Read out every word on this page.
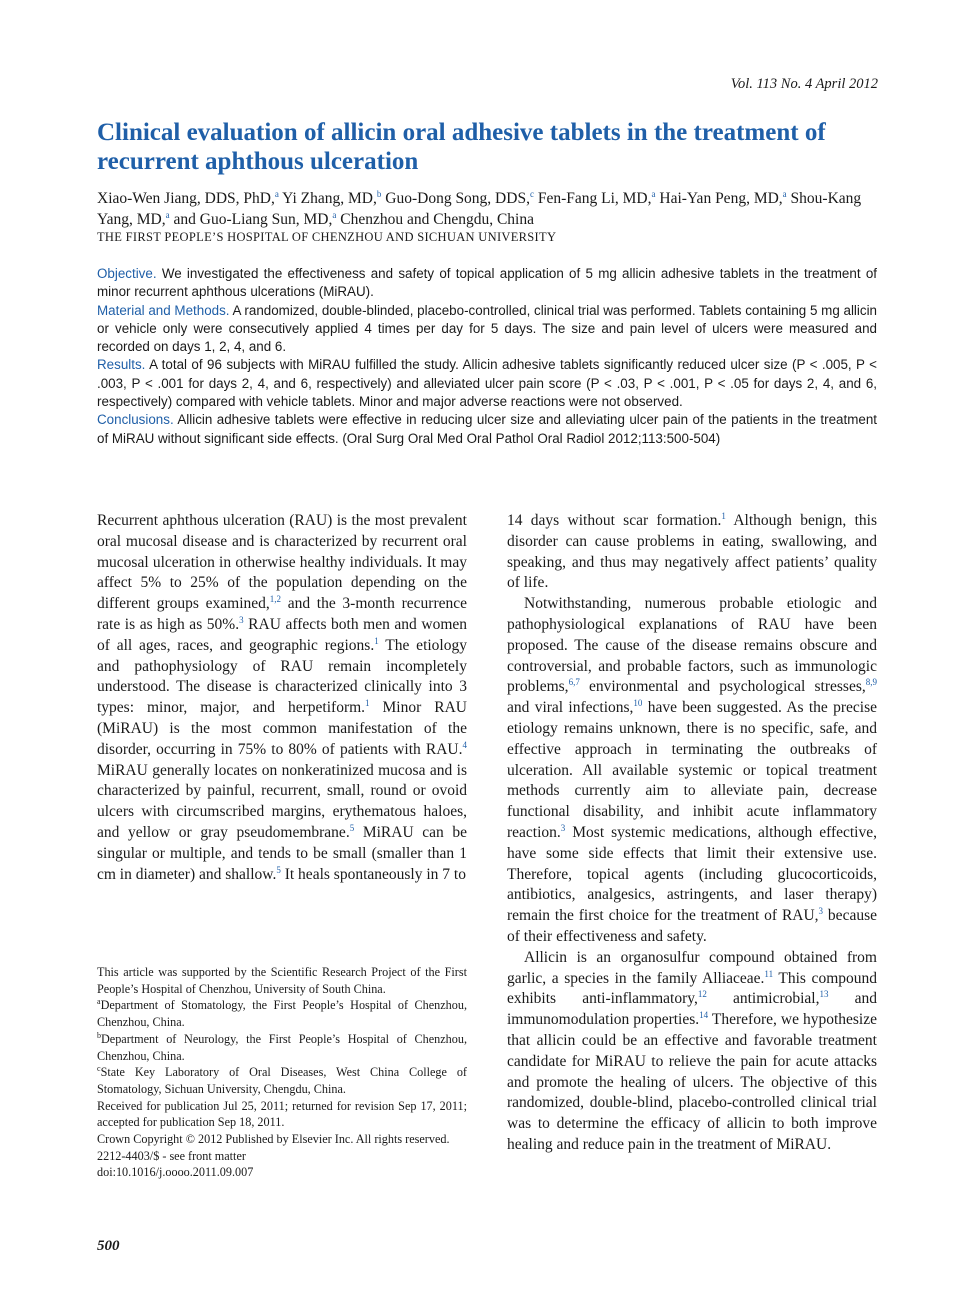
Vol. 113 No. 4 April 2012
Clinical evaluation of allicin oral adhesive tablets in the treatment of recurrent aphthous ulceration

Xiao-Wen Jiang, DDS, PhD,$^a$ Yi Zhang, MD,$^b$ Guo-Dong Song, DDS,$^c$ Fen-Fang Li, MD,$^a$ Hai-Yan Peng, MD,$^a$ Shou-Kang Yang, MD,$^a$ and Guo-Liang Sun, MD,$^a$ Chenzhou and Chengdu, China

THE FIRST PEOPLE’S HOSPITAL OF CHENZHOU AND SICHUAN UNIVERSITY

Objective. We investigated the effectiveness and safety of topical application of 5 mg allicin adhesive tablets in the treatment of minor recurrent aphthous ulcerations (MiRAU).

Material and Methods. A randomized, double-blinded, placebo-controlled, clinical trial was performed. Tablets containing 5 mg allicin or vehicle only were consecutively applied 4 times per day for 5 days. The size and pain level of ulcers were measured and recorded on days 1, 2, 4, and 6.

Results. A total of 96 subjects with MiRAU fulfilled the study. Allicin adhesive tablets significantly reduced ulcer size (P < .005, P < .003, P < .001 for days 2, 4, and 6, respectively) and alleviated ulcer pain score (P < .03, P < .001, P < .05 for days 2, 4, and 6, respectively) compared with vehicle tablets. Minor and major adverse reactions were not observed.

Conclusions. Allicin adhesive tablets were effective in reducing ulcer size and alleviating ulcer pain of the patients in the treatment of MiRAU without significant side effects. (Oral Surg Oral Med Oral Pathol Oral Radiol 2012;113:500-504)

Recurrent aphthous ulceration (RAU) is the most prevalent oral mucosal disease and is characterized by recurrent oral mucosal ulceration in otherwise healthy individuals. It may affect 5% to 25% of the population depending on the different groups examined,$^{1,2}$ and the 3-month recurrence rate is as high as 50%.$^3$ RAU affects both men and women of all ages, races, and geographic regions.$^1$ The etiology and pathophysiology of RAU remain incompletely understood. The disease is characterized clinically into 3 types: minor, major, and herpetiform.$^1$ Minor RAU (MiRAU) is the most common manifestation of the disorder, occurring in 75% to 80% of patients with RAU.$^4$ MiRAU generally locates on nonkeratinized mucosa and is characterized by painful, recurrent, small, round or ovoid ulcers with circumscribed margins, erythematous haloes, and yellow or gray pseudomembrane.$^5$ MiRAU can be singular or multiple, and tends to be small (smaller than 1 cm in diameter) and shallow.$^5$ It heals spontaneously in 7 to

This article was supported by the Scientific Research Project of the First People’s Hospital of Chenzhou, University of South China.

$^a$Department of Stomatology, the First People’s Hospital of Chenzhou, Chenzhou, China.

$^b$Department of Neurology, the First People’s Hospital of Chenzhou, Chenzhou, China.

$^c$State Key Laboratory of Oral Diseases, West China College of Stomatology, Sichuan University, Chengdu, China.

Received for publication Jul 25, 2011; returned for revision Sep 17, 2011; accepted for publication Sep 18, 2011.

Crown Copyright © 2012 Published by Elsevier Inc. All rights reserved.

2212-4403/$ - see front matter

doi:10.1016/j.oooo.2011.09.007

14 days without scar formation.$^1$ Although benign, this disorder can cause problems in eating, swallowing, and speaking, and thus may negatively affect patients’ quality of life.

Notwithstanding, numerous probable etiologic and pathophysiological explanations of RAU have been proposed. The cause of the disease remains obscure and controversial, and probable factors, such as immunologic problems,$^{6,7}$ environmental and psychological stresses,$^{8,9}$ and viral infections,$^{10}$ have been suggested. As the precise etiology remains unknown, there is no specific, safe, and effective approach in terminating the outbreaks of ulceration. All available systemic or topical treatment methods currently aim to alleviate pain, decrease functional disability, and inhibit acute inflammatory reaction.$^3$ Most systemic medications, although effective, have some side effects that limit their extensive use. Therefore, topical agents (including glucocorticoids, antibiotics, analgesics, astringents, and laser therapy) remain the first choice for the treatment of RAU,$^3$ because of their effectiveness and safety.

Allicin is an organosulfur compound obtained from garlic, a species in the family Alliaceae.$^{11}$ This compound exhibits anti-inflammatory,$^{12}$ antimicrobial,$^{13}$ and immunomodulation properties.$^{14}$ Therefore, we hypothesize that allicin could be an effective and favorable treatment candidate for MiRAU to relieve the pain for acute attacks and promote the healing of ulcers. The objective of this randomized, double-blind, placebo-controlled clinical trial was to determine the efficacy of allicin to both improve healing and reduce pain in the treatment of MiRAU.

500
